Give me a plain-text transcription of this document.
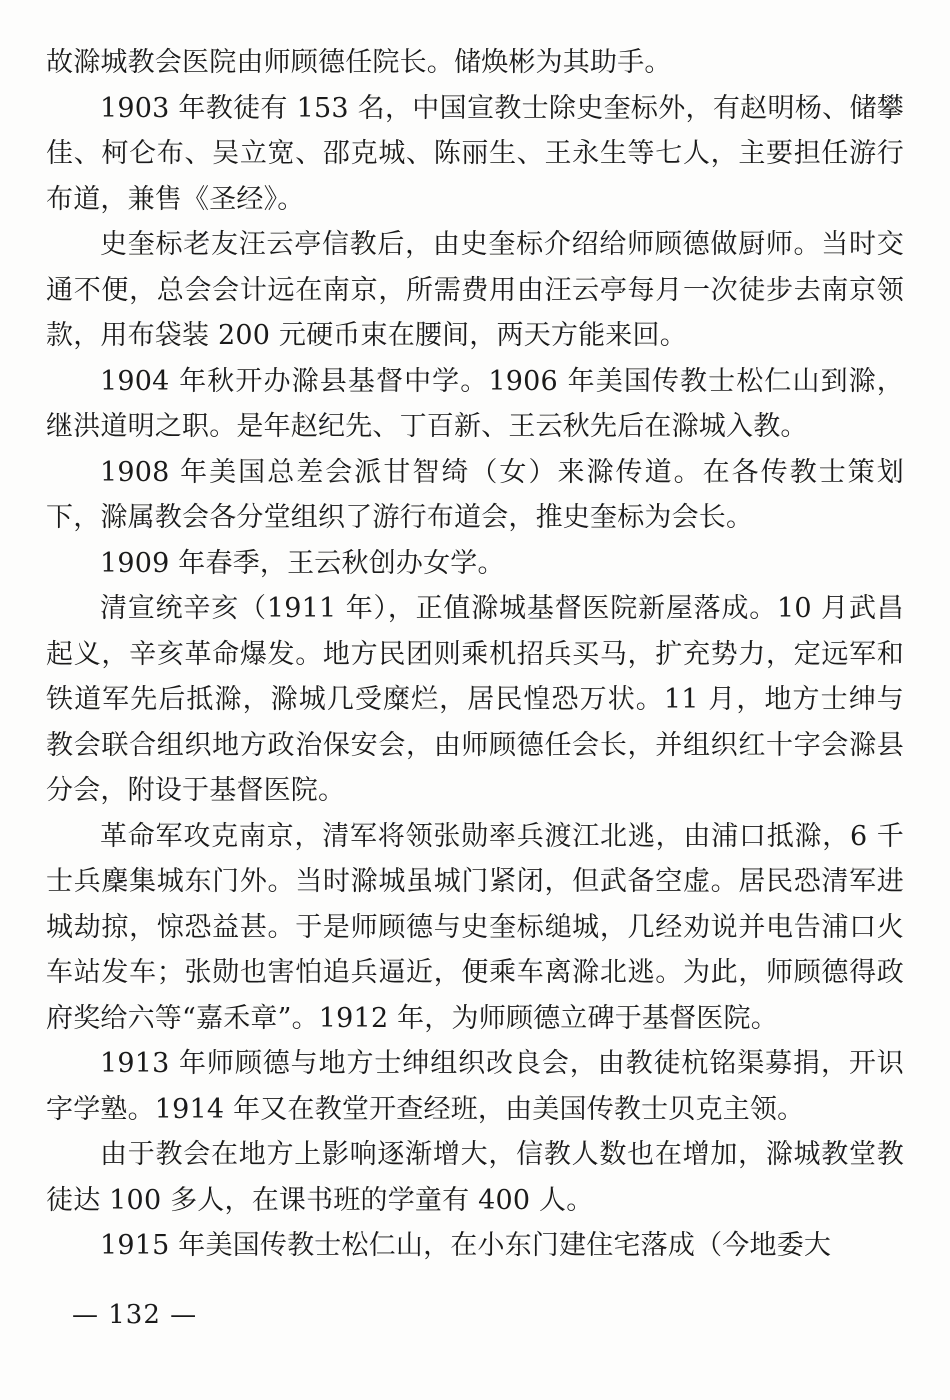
故滁城教会医院由师顾德任院长。储焕彬为其助手。

1903 年教徒有 153 名，中国宣教士除史奎标外，有赵明杨、储攀佳、柯仑布、吴立宽、邵克城、陈丽生、王永生等七人，主要担任游行布道，兼售《圣经》。

史奎标老友汪云亭信教后，由史奎标介绍给师顾德做厨师。当时交通不便，总会会计远在南京，所需费用由汪云亭每月一次徒步去南京领款，用布袋装 200 元硬币束在腰间，两天方能来回。

1904 年秋开办滁县基督中学。1906 年美国传教士松仁山到滁，继洪道明之职。是年赵纪先、丁百新、王云秋先后在滁城入教。

1908 年美国总差会派甘智绮（女）来滁传道。在各传教士策划下，滁属教会各分堂组织了游行布道会，推史奎标为会长。

1909 年春季，王云秋创办女学。

清宣统辛亥（1911 年），正值滁城基督医院新屋落成。10 月武昌起义，辛亥革命爆发。地方民团则乘机招兵买马，扩充势力，定远军和铁道军先后抵滁，滁城几受糜烂，居民惶恐万状。11 月，地方士绅与教会联合组织地方政治保安会，由师顾德任会长，并组织红十字会滁县分会，附设于基督医院。

革命军攻克南京，清军将领张勋率兵渡江北逃，由浦口抵滁，6 千士兵麇集城东门外。当时滁城虽城门紧闭，但武备空虚。居民恐清军进城劫掠，惊恐益甚。于是师顾德与史奎标缒城，几经劝说并电告浦口火车站发车；张勋也害怕追兵逼近，便乘车离滁北逃。为此，师顾德得政府奖给六等“嘉禾章”。1912 年，为师顾德立碑于基督医院。

1913 年师顾德与地方士绅组织改良会，由教徒杭铭渠募捐，开识字学塾。1914 年又在教堂开查经班，由美国传教士贝克主领。

由于教会在地方上影响逐渐增大，信教人数也在增加，滁城教堂教徒达 100 多人，在课书班的学童有 400 人。

1915 年美国传教士松仁山，在小东门建住宅落成（今地委大

— 132 —
